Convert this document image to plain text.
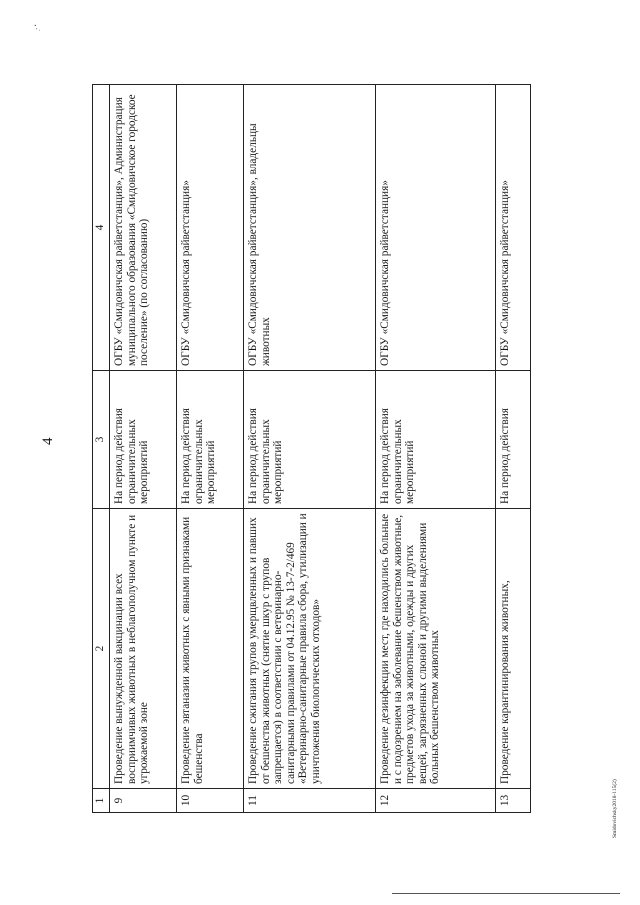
.
' ·
4
Smidovichsky2018-115(2)
1	2	3	4
9	Проведение вынужденной вакцинации всех восприимчивых животных в неблагополучном пункте и угрожаемой зоне	На период действия ограничительных мероприятий	ОГБУ «Смидовичская райветстанция», Администрация муниципального образования «Смидовичское городское поселение» (по согласованию)
10	Проведение эвтаназии животных с явными признаками бешенства	На период действия ограничительных мероприятий	ОГБУ «Смидовичская райветстанция»
11	Проведение сжигания трупов умерщвленных и павших от бешенства животных (снятие шкур с трупов запрещается) в соответствии с ветеринарно-санитарными правилами от 04.12.95 № 13-7-2/469 «Ветеринарно-санитарные правила сбора, утилизации и уничтожения биологических отходов»	На период действия ограничительных мероприятий	ОГБУ «Смидовичская райветстанция», владельцы животных
12	Проведение дезинфекции мест, где находились больные и с подозрением на заболевание бешенством животные, предметов ухода за животными, одежды и других вещей, загрязненных слюной и другими выделениями больных бешенством животных	На период действия ограничительных мероприятий	ОГБУ «Смидовичская райветстанция»
13	Проведение карантинирования животных,	На период действия	ОГБУ «Смидовичская райветстанция»
